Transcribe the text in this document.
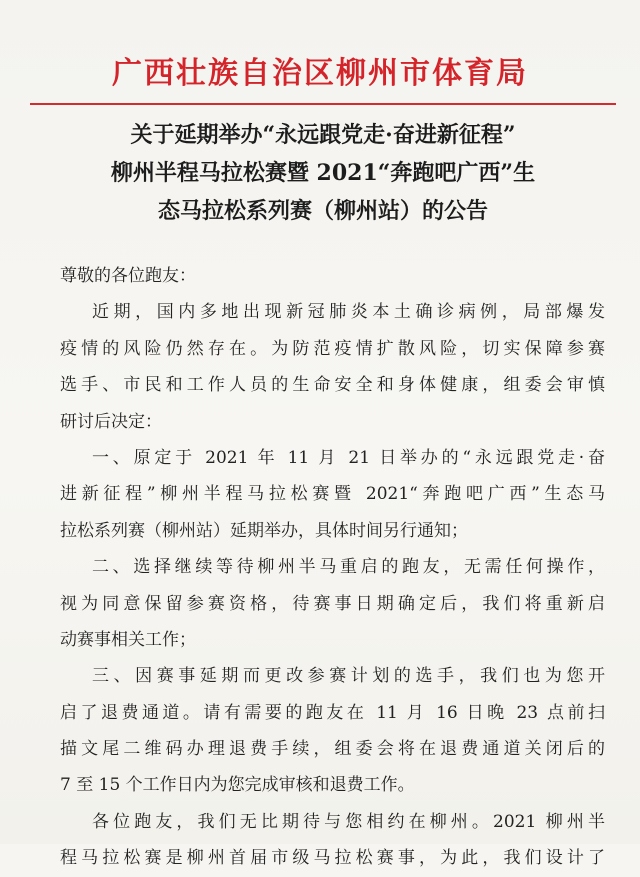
广西壮族自治区柳州市体育局
关于延期举办“永远跟党走·奋进新征程”
柳州半程马拉松赛暨 2021“奔跑吧广西”生
态马拉松系列赛（柳州站）的公告
尊敬的各位跑友：
近期，国内多地出现新冠肺炎本土确诊病例，局部爆发
疫情的风险仍然存在。为防范疫情扩散风险，切实保障参赛
选手、市民和工作人员的生命安全和身体健康，组委会审慎
研讨后决定：
一、原定于 2021 年 11 月 21 日举办的“永远跟党走·奋
进新征程”柳州半程马拉松赛暨 2021“奔跑吧广西”生态马
拉松系列赛（柳州站）延期举办，具体时间另行通知；
二、选择继续等待柳州半马重启的跑友，无需任何操作，
视为同意保留参赛资格，待赛事日期确定后，我们将重新启
动赛事相关工作；
三、因赛事延期而更改参赛计划的选手，我们也为您开
启了退费通道。请有需要的跑友在 11 月 16 日晚 23 点前扫
描文尾二维码办理退费手续，组委会将在退费通道关闭后的
7 至 15 个工作日内为您完成审核和退费工作。
各位跑友，我们无比期待与您相约在柳州。2021 柳州半
程马拉松赛是柳州首届市级马拉松赛事，为此，我们设计了
